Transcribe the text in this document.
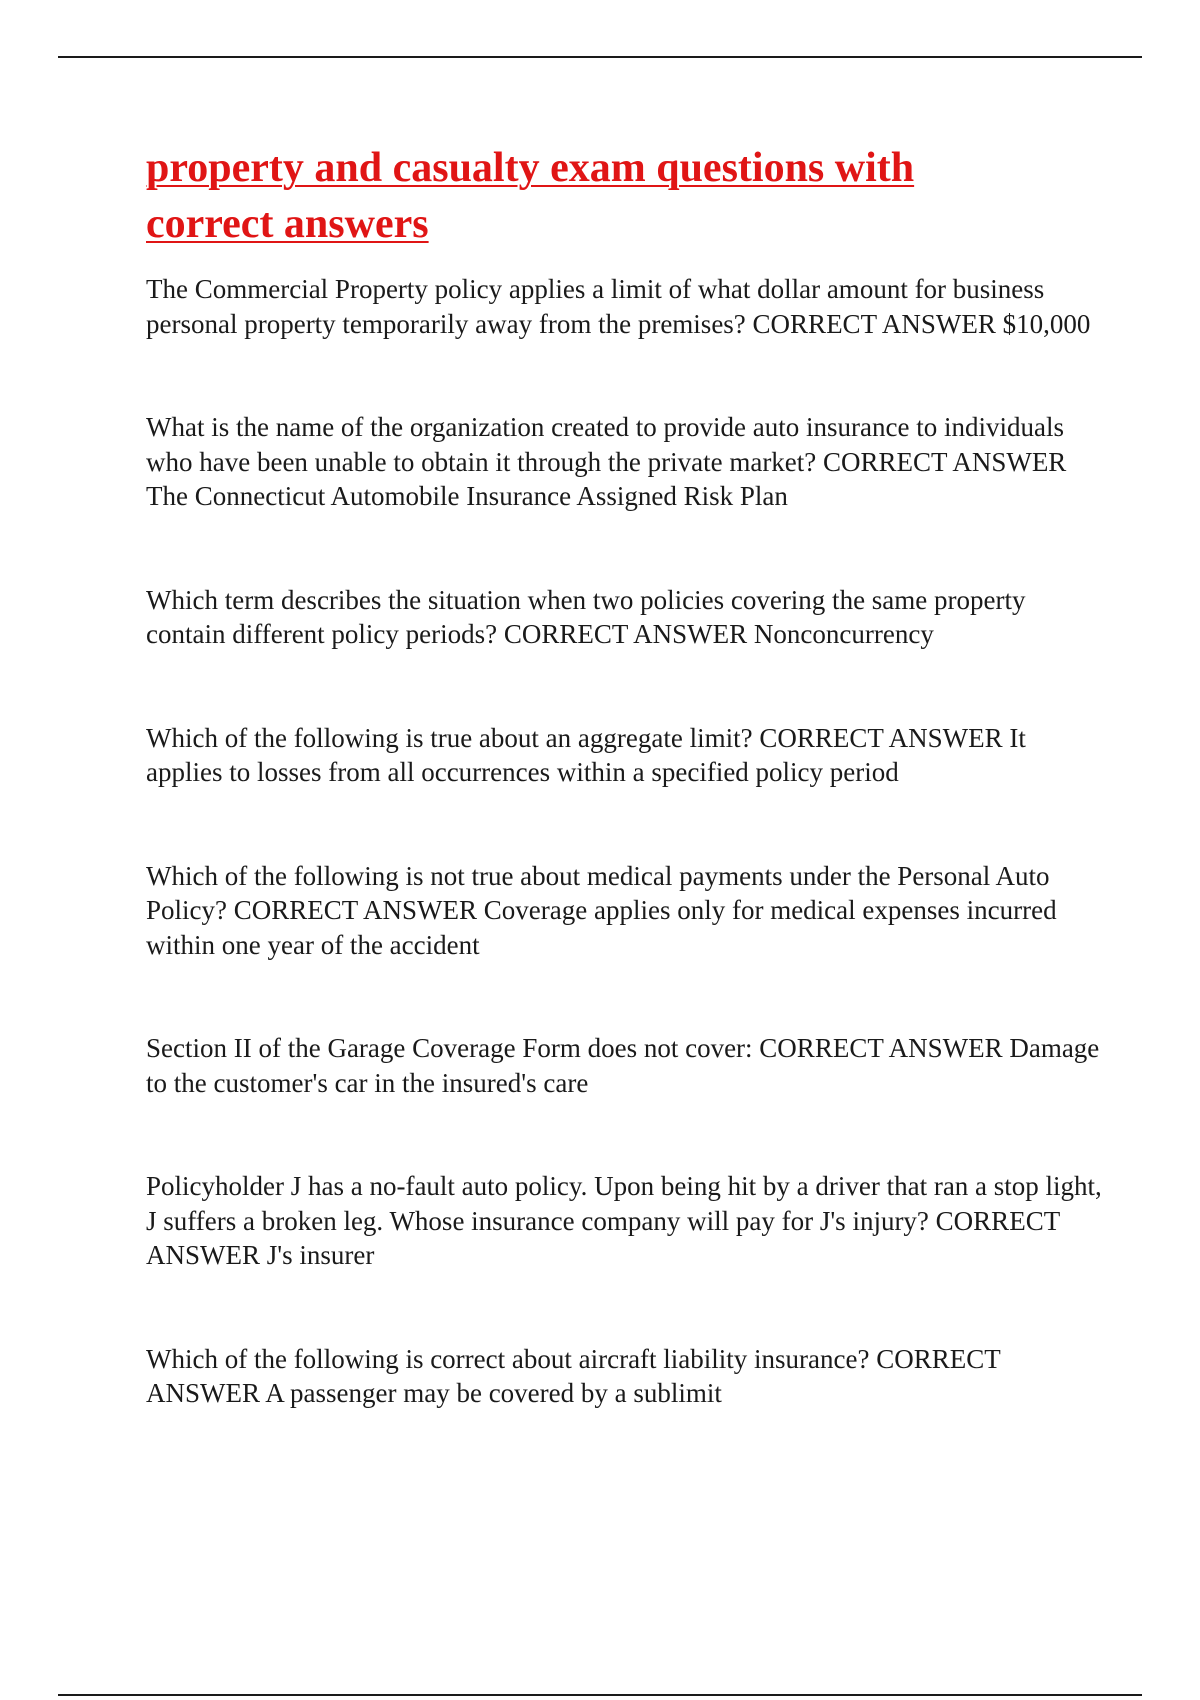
property and casualty exam questions with correct answers

The Commercial Property policy applies a limit of what dollar amount for business personal property temporarily away from the premises? CORRECT ANSWER $10,000

What is the name of the organization created to provide auto insurance to individuals who have been unable to obtain it through the private market? CORRECT ANSWER The Connecticut Automobile Insurance Assigned Risk Plan

Which term describes the situation when two policies covering the same property contain different policy periods? CORRECT ANSWER Nonconcurrency

Which of the following is true about an aggregate limit? CORRECT ANSWER It applies to losses from all occurrences within a specified policy period

Which of the following is not true about medical payments under the Personal Auto Policy? CORRECT ANSWER Coverage applies only for medical expenses incurred within one year of the accident

Section II of the Garage Coverage Form does not cover: CORRECT ANSWER Damage to the customer's car in the insured's care

Policyholder J has a no-fault auto policy. Upon being hit by a driver that ran a stop light, J suffers a broken leg. Whose insurance company will pay for J's injury? CORRECT ANSWER J's insurer

Which of the following is correct about aircraft liability insurance? CORRECT ANSWER A passenger may be covered by a sublimit
